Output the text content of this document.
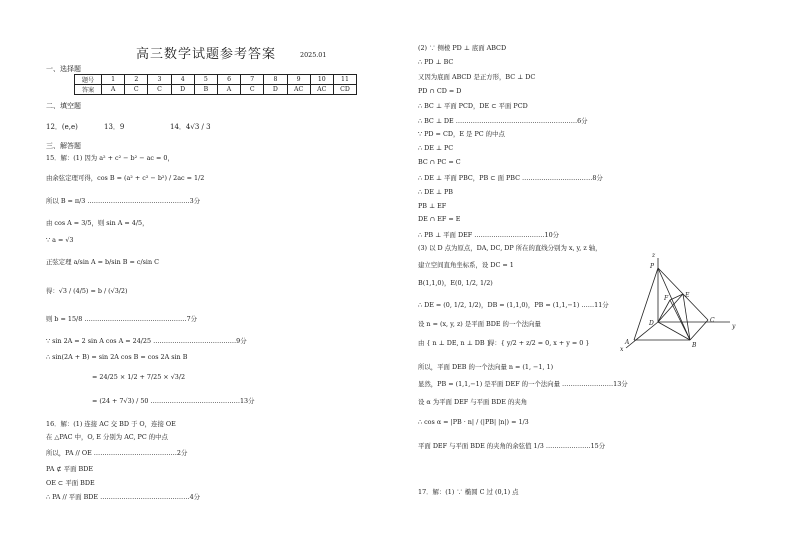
高三数学试题参考答案	2025.01
一、选择题
题号	1	2	3	4	5	6	7	8	9	10	11
答案	A	C	C	D	B	A	C	D	AC	AC	CD
二、填空题
12．(e,e)	13．9	14．4√3 / 3
三、解答题
15．解：(1) 因为 a² + c² − b² − ac = 0，
由余弦定理可得，cos B = (a² + c² − b²) / 2ac = 1/2
所以 B = π/3 …………………………………………3分
由 cos A = 3/5，则 sin A = 4/5，
∵ a = √3
正弦定理 a/sin A = b/sin B = c/sin C
得：√3 / (4/5) = b / (√3/2)
则 b = 15/8 …………………………………………7分
∵ sin 2A = 2 sin A cos A = 24/25 …………………………………9分
∴ sin(2A + B) = sin 2A cos B = cos 2A sin B
= 24/25 × 1/2 + 7/25 × √3/2
= (24 + 7√3) / 50 ……………………………………13分
16．解：(1) 连接 AC 交 BD 于 O，连接 OE
在 △PAC 中，O, E 分别为 AC, PC 的中点
所以，PA // OE …………………………………2分
PA ⊄ 平面 BDE
OE ⊂ 平面 BDE
∴ PA // 平面 BDE ……………………………………4分
(2) ∵ 侧棱 PD ⊥ 底面 ABCD
∴ PD ⊥ BC
又因为底面 ABCD 是正方形，BC ⊥ DC
PD ∩ CD = D
∴ BC ⊥ 平面 PCD，DE ⊂ 平面 PCD
∴ BC ⊥ DE …………………………………………………6分
∵ PD = CD，E 是 PC 的中点
∴ DE ⊥ PC
BC ∩ PC = C
∴ DE ⊥ 平面 PBC，PB ⊂ 面 PBC ……………………………8分
∴ DE ⊥ PB
PB ⊥ EF
DE ∩ EF = E
∴ PB ⊥ 平面 DEF ……………………………10分
(3) 以 D 点为原点，DA, DC, DP 所在的直线分别为 x, y, z 轴，
建立空间直角坐标系，设 DC = 1
B(1,1,0)，E(0, 1/2, 1/2)
∴ DE = (0, 1/2, 1/2)，DB = (1,1,0)，PB = (1,1,−1) ……11分
设 n = (x, y, z) 是平面 BDE 的一个法向量
由 { n ⊥ DE, n ⊥ DB }
得：{ y/2 + z/2 = 0, x + y = 0 }
所以，平面 DEB 的一个法向量 n = (1, −1, 1)
显然，PB = (1,1,−1) 是平面 DEF 的一个法向量 ……………………13分
设 α 为平面 DEF 与平面 BDE 的夹角
∴ cos α = |PB · n| / (|PB| |n|) = 1/3
平面 DEF 与平面 BDE 的夹角的余弦值 1/3 …………………15分
17．解：(1) ∵ 椭圆 C 过 (0,1) 点
z
P
F	E
D	C
y
A	B
x
